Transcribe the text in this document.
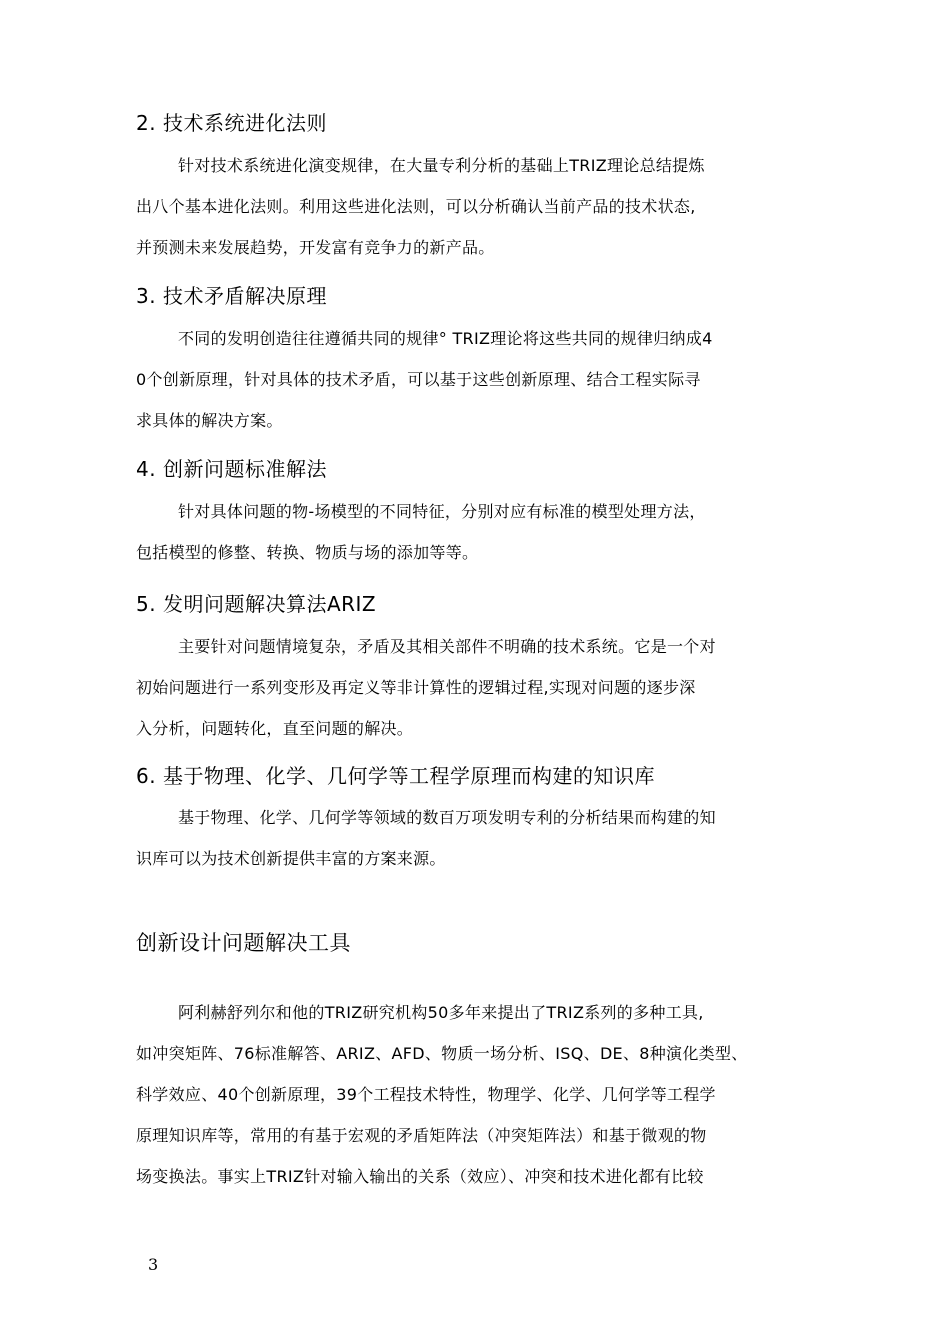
2. 技术系统进化法则
针对技术系统进化演变规律，在大量专利分析的基础上TRIZ理论总结提炼
出八个基本进化法则。利用这些进化法则，可以分析确认当前产品的技术状态,
并预测未来发展趋势，开发富有竞争力的新产品。
3. 技术矛盾解决原理
不同的发明创造往往遵循共同的规律° TRIZ理论将这些共同的规律归纳成4
0个创新原理，针对具体的技术矛盾，可以基于这些创新原理、结合工程实际寻
求具体的解决方案。
4. 创新问题标准解法
针对具体问题的物-场模型的不同特征，分别对应有标准的模型处理方法，
包括模型的修整、转换、物质与场的添加等等。
5. 发明问题解决算法ARIZ
主要针对问题情境复杂，矛盾及其相关部件不明确的技术系统。它是一个对
初始问题进行一系列变形及再定义等非计算性的逻辑过程,实现对问题的逐步深
入分析，问题转化，直至问题的解决。
6. 基于物理、化学、几何学等工程学原理而构建的知识库
基于物理、化学、几何学等领域的数百万项发明专利的分析结果而构建的知
识库可以为技术创新提供丰富的方案来源。
创新设计问题解决工具
阿利赫舒列尔和他的TRIZ研究机构50多年来提出了TRIZ系列的多种工具,
如冲突矩阵、76标准解答、ARIZ、AFD、物质一场分析、ISQ、DE、8种演化类型、
科学效应、40个创新原理，39个工程技术特性，物理学、化学、几何学等工程学
原理知识库等，常用的有基于宏观的矛盾矩阵法（冲突矩阵法）和基于微观的物
场变换法。事实上TRIZ针对输入输出的关系（效应）、冲突和技术进化都有比较
3
